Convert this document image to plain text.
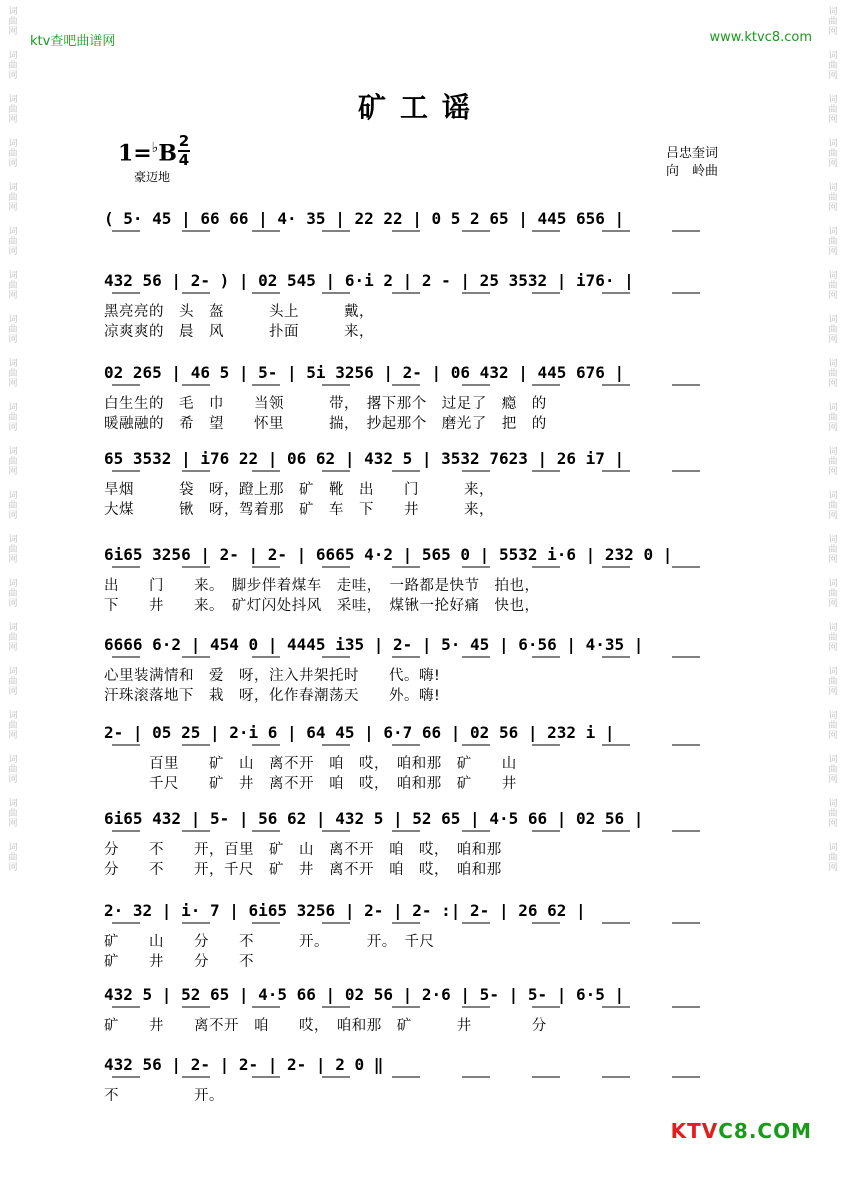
词曲网
词曲网
词曲网
词曲网
词曲网
词曲网
词曲网
词曲网
词曲网
词曲网
词曲网
词曲网
词曲网
词曲网
词曲网
词曲网
词曲网
词曲网
词曲网
词曲网
词曲网
词曲网
词曲网
词曲网
词曲网
词曲网
词曲网
词曲网
词曲网
词曲网
词曲网
词曲网
词曲网
词曲网
词曲网
词曲网
词曲网
词曲网
词曲网
词曲网
ktv查吧曲谱网	www.ktvc8.com
矿工谣
1=♭B 2
4
豪迈地
吕忠奎词
向　岭曲
( 5· 45 | 66 66 | 4· 35 | 22 22 | 0 5 2 65 | 445 656 |
432 56 | 2- ) | 02 545 | 6·i 2 | 2 - | 25 3532 | i76· |
黑亮亮的　头　盔　　　头上　　　戴，
凉爽爽的　晨　风　　　扑面　　　来，
02 265 | 46 5 | 5- | 5i 3256 | 2- | 06 432 | 445 676 |
白生生的　毛　巾　　当领　　　带，　撂下那个　过足了　瘾　的
暖融融的　希　望　　怀里　　　揣，　抄起那个　磨光了　把　的
65 3532 | i76 22 | 06 62 | 432 5 | 3532 7623 | 26 i7 |
旱烟　　　袋　呀，蹬上那　矿　靴　出　　门　　　来，
大煤　　　锹　呀，驾着那　矿　车　下　　井　　　来，
6i65 3256 | 2- | 2- | 6665 4·2 | 565 0 | 5532 i·6 | 232 0 |
出　　门　　来。　脚步伴着煤车　走哇，　一路都是快节　拍也，
下　　井　　来。　矿灯闪处抖风　采哇，　煤锹一抡好痛　快也，
6666 6·2 | 454 0 | 4445 i35 | 2- | 5· 45 | 6·56 | 4·35 |
心里装满情和　爱　呀，注入井架托时　　代。嗨!
汗珠滚落地下　栽　呀，化作春潮荡天　　外。嗨!
2- | 05 25 | 2·i 6 | 64 45 | 6·7 66 | 02 56 | 232 i |
　　　百里　　矿　山　离不开　咱　哎，　咱和那　矿　　山
　　　千尺　　矿　井　离不开　咱　哎，　咱和那　矿　　井
6i65 432 | 5- | 56 62 | 432 5 | 52 65 | 4·5 66 | 02 56 |
分　　不　　开，百里　矿　山　离不开　咱　哎，　咱和那
分　　不　　开，千尺　矿　井　离不开　咱　哎，　咱和那
2· 32 | i· 7 | 6i65 3256 | 2- | 2- :| 2- | 26 62 |
矿　　山　　分　　不　　　开。　　　开。　千尺
矿　　井　　分　　不
432 5 | 52 65 | 4·5 66 | 02 56 | 2·6 | 5- | 5- | 6·5 |
矿　　井　　离不开　咱　　哎，　咱和那　矿　　　井　　　　分
432 56 | 2- | 2- | 2- | 2 0 ‖
不　　　　　开。
KTVC8.COM
